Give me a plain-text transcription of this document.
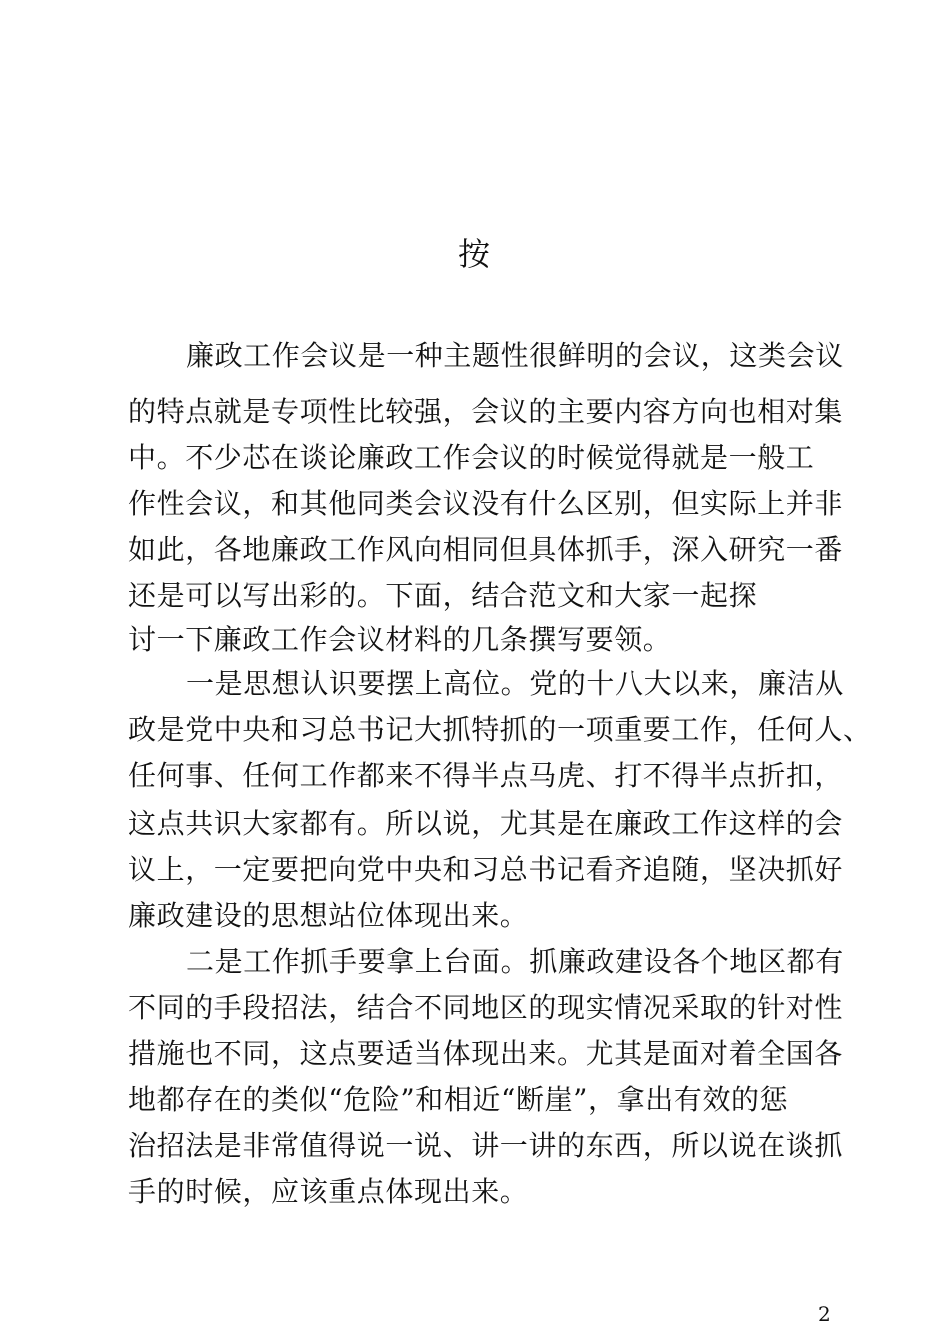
按
廉政工作会议是一种主题性很鲜明的会议，这类会议
的特点就是专项性比较强，会议的主要内容方向也相对集
中。不少芯在谈论廉政工作会议的时候觉得就是一般工
作性会议，和其他同类会议没有什么区别，但实际上并非
如此，各地廉政工作风向相同但具体抓手，深入研究一番
还是可以写出彩的。下面，结合范文和大家一起探
讨一下廉政工作会议材料的几条撰写要领。
一是思想认识要摆上高位。党的十八大以来，廉洁从
政是党中央和习总书记大抓特抓的一项重要工作，任何人、
任何事、任何工作都来不得半点马虎、打不得半点折扣，
这点共识大家都有。所以说，尤其是在廉政工作这样的会
议上，一定要把向党中央和习总书记看齐追随，坚决抓好
廉政建设的思想站位体现出来。
二是工作抓手要拿上台面。抓廉政建设各个地区都有
不同的手段招法，结合不同地区的现实情况采取的针对性
措施也不同，这点要适当体现出来。尤其是面对着全国各
地都存在的类似“危险”和相近“断崖”，拿出有效的惩
治招法是非常值得说一说、讲一讲的东西，所以说在谈抓
手的时候，应该重点体现出来。
2
